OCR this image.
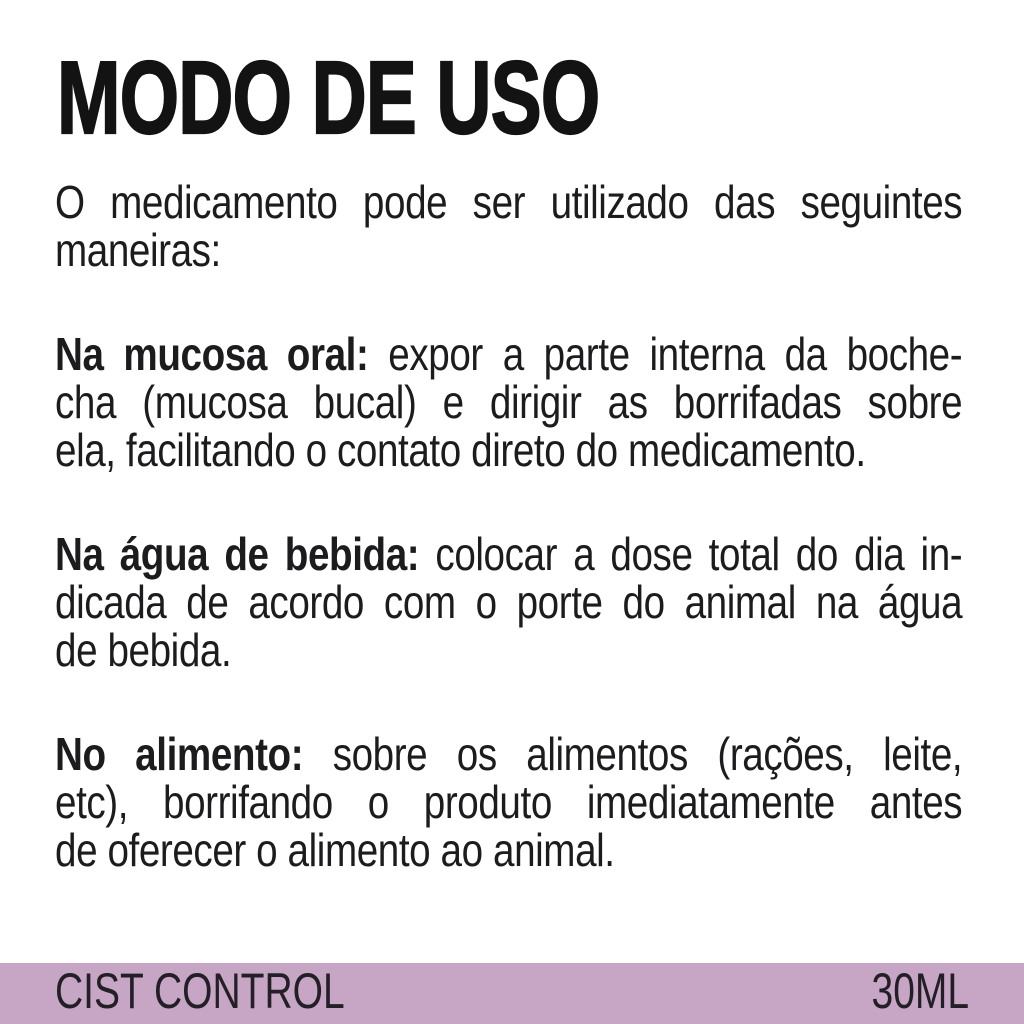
MODO DE USO
O medicamento pode ser utilizado das seguintes
maneiras:
Na mucosa oral: expor a parte interna da boche-
cha (mucosa bucal) e dirigir as borrifadas sobre
ela, facilitando o contato direto do medicamento.
Na água de bebida: colocar a dose total do dia in-
dicada de acordo com o porte do animal na água
de bebida.
No alimento: sobre os alimentos (rações, leite,
etc), borrifando o produto imediatamente antes
de oferecer o alimento ao animal.
CIST CONTROL	30ML
